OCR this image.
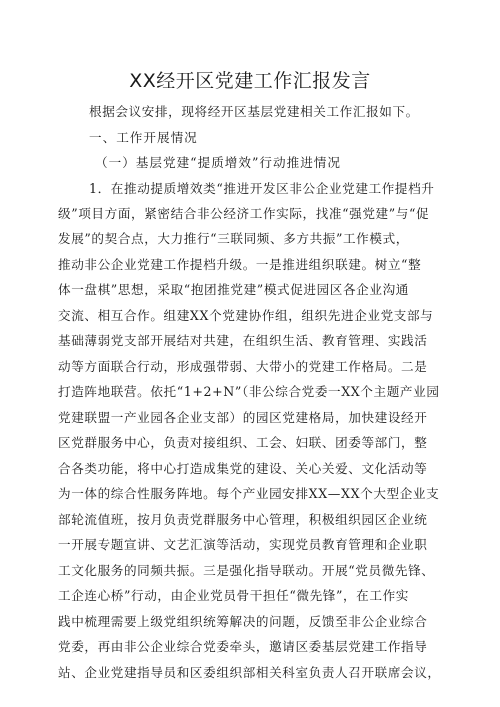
XX经开区党建工作汇报发言
根据会议安排，现将经开区基层党建相关工作汇报如下。
一、工作开展情况
（一）基层党建“提质增效”行动推进情况
1．在推动提质增效类“推进开发区非公企业党建工作提档升
级”项目方面，紧密结合非公经济工作实际，找准“强党建”与“促
发展”的契合点，大力推行“三联同频、多方共振”工作模式，
推动非公企业党建工作提档升级。一是推进组织联建。树立“整
体一盘棋”思想，采取“抱团推党建”模式促进园区各企业沟通
交流、相互合作。组建XX个党建协作组，组织先进企业党支部与
基础薄弱党支部开展结对共建，在组织生活、教育管理、实践活
动等方面联合行动，形成强带弱、大带小的党建工作格局。二是
打造阵地联营。依托“1+2+N”（非公综合党委一XX个主题产业园
党建联盟一产业园各企业支部）的园区党建格局，加快建设经开
区党群服务中心，负责对接组织、工会、妇联、团委等部门，整
合各类功能，将中心打造成集党的建设、关心关爱、文化活动等
为一体的综合性服务阵地。每个产业园安排XX—XX个大型企业支
部轮流值班，按月负责党群服务中心管理，积极组织园区企业统
一开展专题宣讲、文艺汇演等活动，实现党员教育管理和企业职
工文化服务的同频共振。三是强化指导联动。开展“党员微先锋、
工企连心桥”行动，由企业党员骨干担任“微先锋”，在工作实
践中梳理需要上级党组织统筹解决的问题，反馈至非公企业综合
党委，再由非公企业综合党委牵头，邀请区委基层党建工作指导
站、企业党建指导员和区委组织部相关科室负责人召开联席会议，
